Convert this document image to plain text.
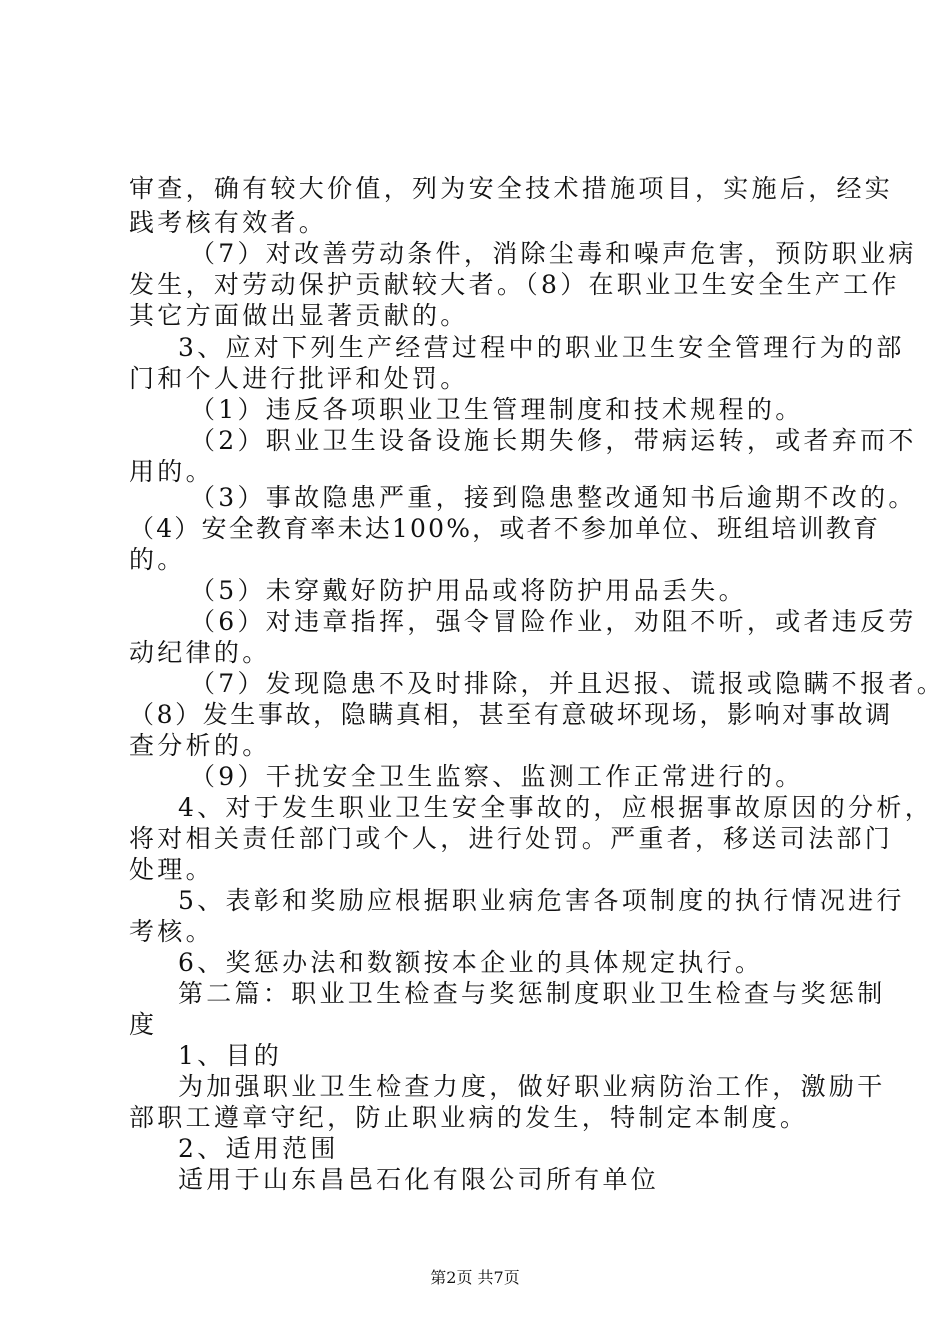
审查，确有较大价值，列为安全技术措施项目，实施后，经实
践考核有效者。
（7）对改善劳动条件，消除尘毒和噪声危害，预防职业病
发生，对劳动保护贡献较大者。（8）在职业卫生安全生产工作
其它方面做出显著贡献的。
3、应对下列生产经营过程中的职业卫生安全管理行为的部
门和个人进行批评和处罚。
（1）违反各项职业卫生管理制度和技术规程的。
（2）职业卫生设备设施长期失修，带病运转，或者弃而不
用的。
（3）事故隐患严重，接到隐患整改通知书后逾期不改的。
（4）安全教育率未达100%，或者不参加单位、班组培训教育
的。
（5）未穿戴好防护用品或将防护用品丢失。
（6）对违章指挥，强令冒险作业，劝阻不听，或者违反劳
动纪律的。
（7）发现隐患不及时排除，并且迟报、谎报或隐瞒不报者。
（8）发生事故，隐瞒真相，甚至有意破坏现场，影响对事故调
查分析的。
（9）干扰安全卫生监察、监测工作正常进行的。
4、对于发生职业卫生安全事故的，应根据事故原因的分析，
将对相关责任部门或个人，进行处罚。严重者，移送司法部门
处理。
5、表彰和奖励应根据职业病危害各项制度的执行情况进行
考核。
6、奖惩办法和数额按本企业的具体规定执行。
第二篇：职业卫生检查与奖惩制度职业卫生检查与奖惩制
度
1、目的
为加强职业卫生检查力度，做好职业病防治工作，激励干
部职工遵章守纪，防止职业病的发生，特制定本制度。
2、适用范围
适用于山东昌邑石化有限公司所有单位
第2页 共7页
